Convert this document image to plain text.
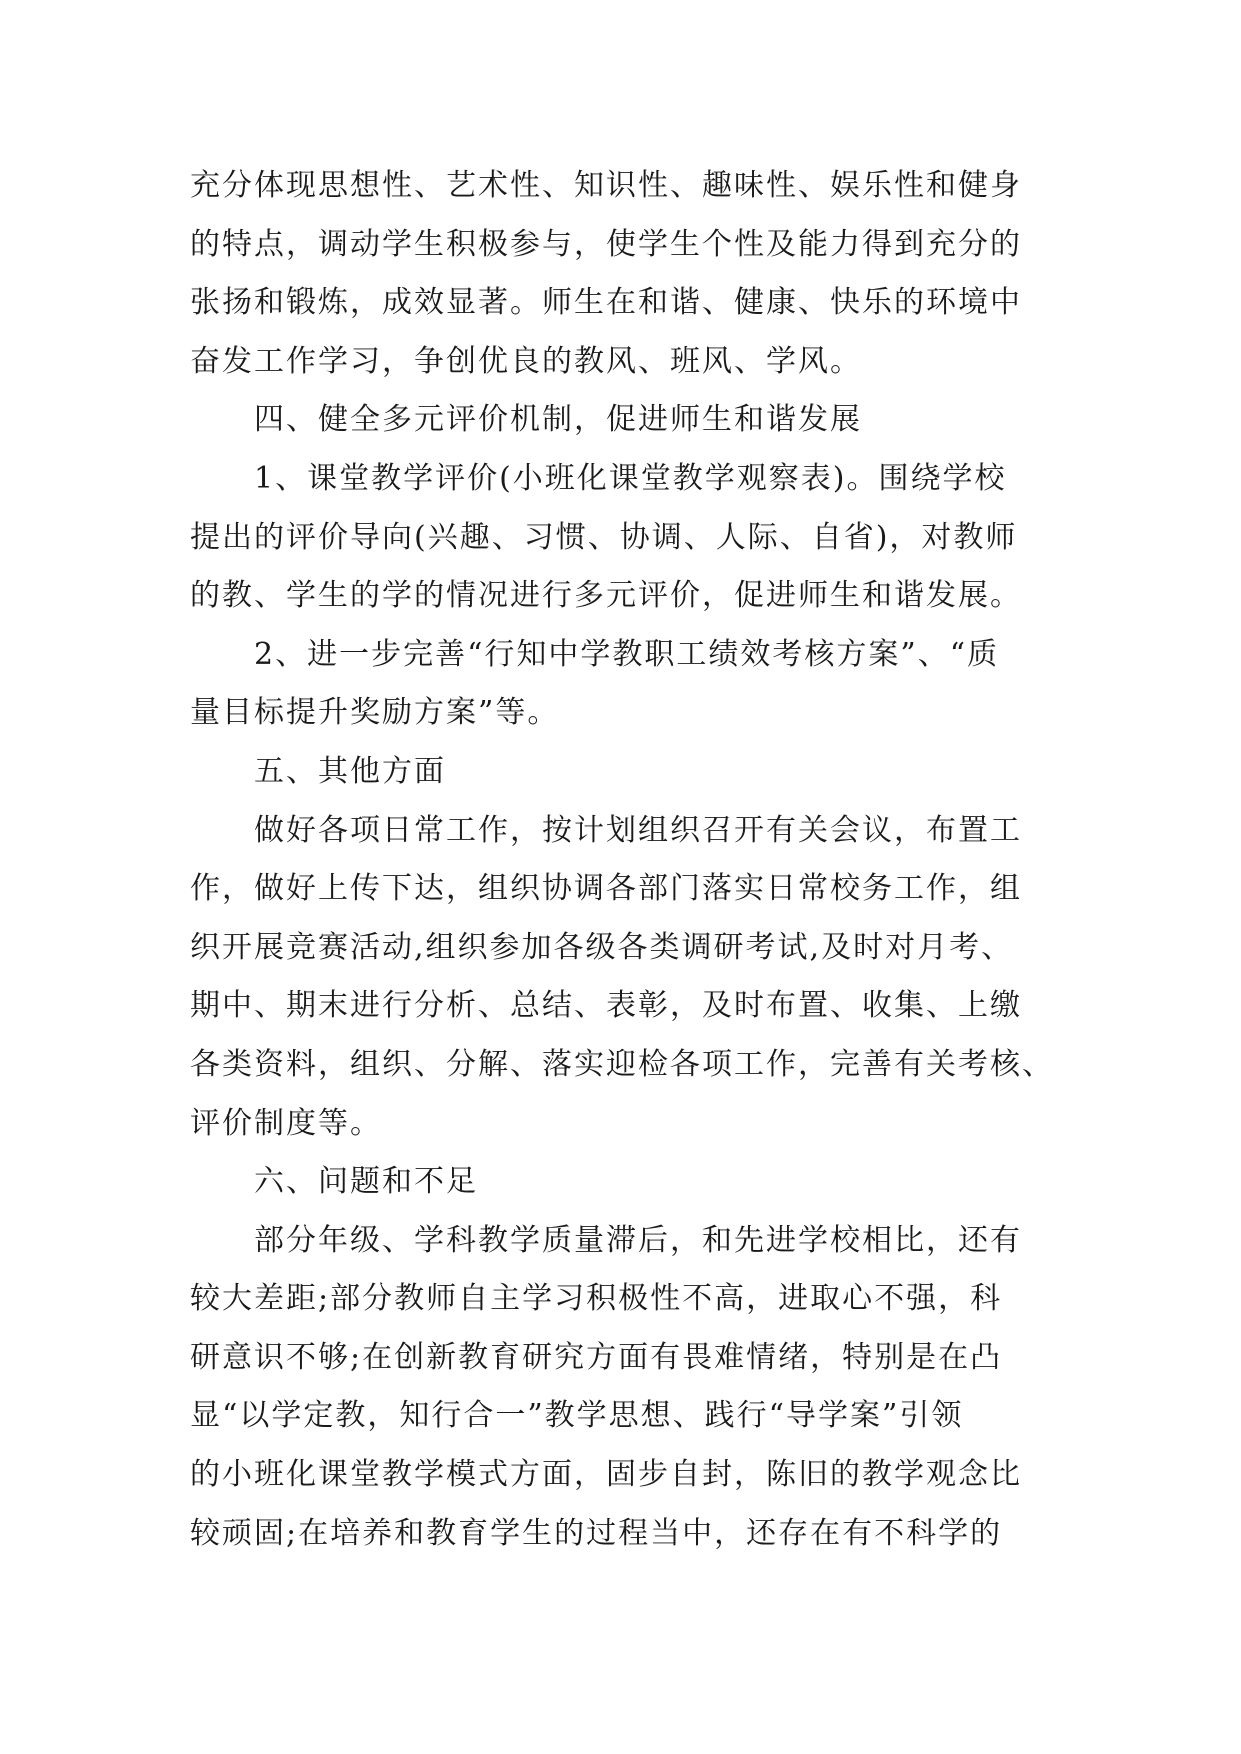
充分体现思想性、艺术性、知识性、趣味性、娱乐性和健身
的特点，调动学生积极参与，使学生个性及能力得到充分的
张扬和锻炼，成效显著。师生在和谐、健康、快乐的环境中
奋发工作学习，争创优良的教风、班风、学风。
四、健全多元评价机制，促进师生和谐发展
1、课堂教学评价(小班化课堂教学观察表)。围绕学校
提出的评价导向(兴趣、习惯、协调、人际、自省)，对教师
的教、学生的学的情况进行多元评价，促进师生和谐发展。
2、进一步完善“行知中学教职工绩效考核方案”、“质
量目标提升奖励方案”等。
五、其他方面
做好各项日常工作，按计划组织召开有关会议，布置工
作，做好上传下达，组织协调各部门落实日常校务工作，组
织开展竞赛活动,组织参加各级各类调研考试,及时对月考、
期中、期末进行分析、总结、表彰，及时布置、收集、上缴
各类资料，组织、分解、落实迎检各项工作，完善有关考核、
评价制度等。
六、问题和不足
部分年级、学科教学质量滞后，和先进学校相比，还有
较大差距;部分教师自主学习积极性不高，进取心不强，科
研意识不够;在创新教育研究方面有畏难情绪，特别是在凸
显“以学定教，知行合一”教学思想、践行“导学案”引领
的小班化课堂教学模式方面，固步自封，陈旧的教学观念比
较顽固;在培养和教育学生的过程当中，还存在有不科学的
